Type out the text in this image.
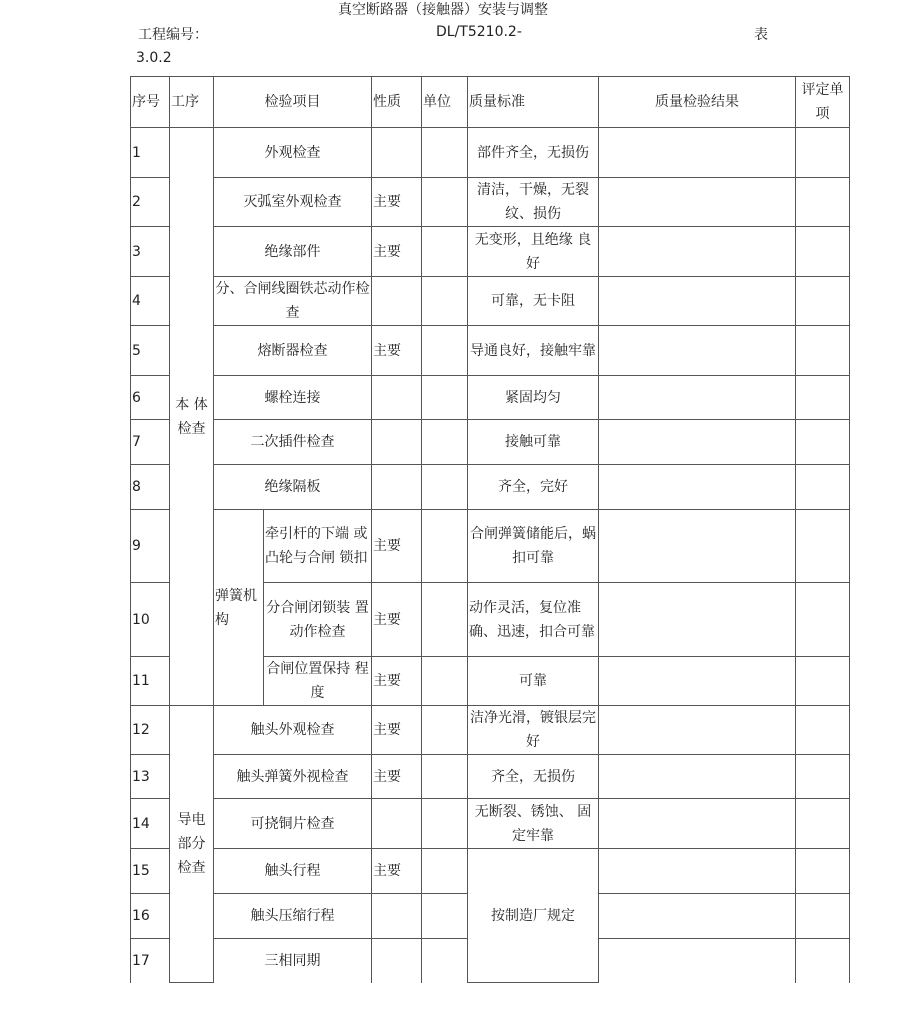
真空断路器（接触器）安装与调整
工程编号：	DL/T5210.2-	表
3.0.2
序号	工序	检验项目		性质	单位	质量标准	质量检验结果	评定单项
1	本 体检查	外观检查				部件齐全，无损伤		
2		灭弧室外观检查		主要		清洁，干燥，无裂纹、损伤		
3		绝缘部件		主要		无变形，且绝缘 良好		
4		分、合闸线圈铁芯动作检查				可靠，无卡阻		
5		熔断器检查		主要		导通良好，接触牢靠		
6		螺栓连接				紧固均匀		
7		二次插件检查				接触可靠		
8		绝缘隔板				齐全，完好		
9		弹簧机构	牵引杆的下端 或凸轮与合闸 锁扣	主要		合闸弹簧储能后，蜗扣可靠		
10			分合闸闭锁装 置动作检查	主要		动作灵活，复位准确、迅速，扣合可靠		
11			合闸位置保持 程度	主要		可靠		
12	导电部分检查	触头外观检查		主要		洁净光滑，镀银层完好		
13		触头弹簧外视检查		主要		齐全，无损伤		
14		可挠铜片检查				无断裂、锈蚀、 固定牢靠		
15		触头行程		主要		按制造厂规定		
16		触头压缩行程						
17		三相同期						
